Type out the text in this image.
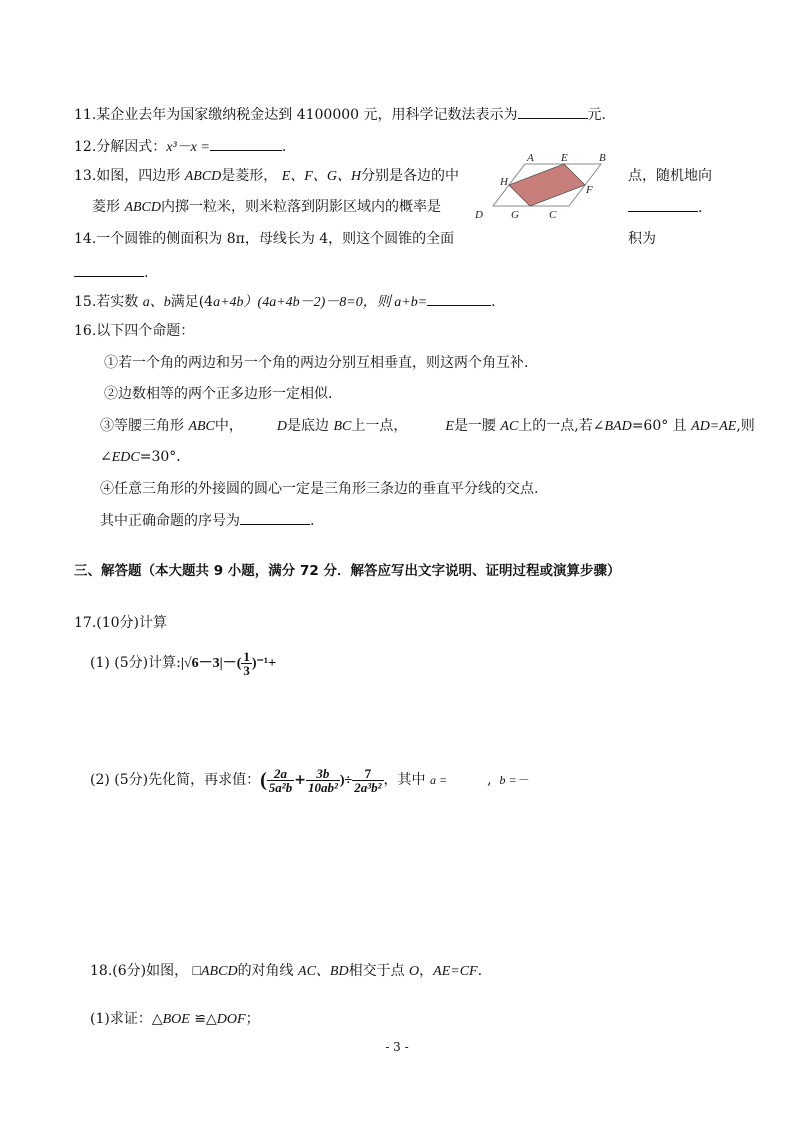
11.某企业去年为国家缴纳税金达到 4100000 元，用科学记数法表示为	元.
12.分解因式：x³－x =	.
13.如图，四边形 ABCD是菱形， E、F、G、H分别是各边的中	点，随机地向
菱形 ABCD内掷一粒米，则米粒落到阴影区域内的概率是	.
A E	B
H
F
D	G	C
14.一个圆锥的侧面积为 8π，母线长为 4，则这个圆锥的全面	积为
.
15.若实数 a、b满足(4a+4b）(4a+4b－2)－8=0，则 a+b=	.
16.以下四个命题：
①若一个角的两边和另一个角的两边分别互相垂直，则这两个角互补.
②边数相等的两个正多边形一定相似.
③等腰三角形 ABC中， D是底边 BC上一点，	E是一腰 AC上的一点,若∠BAD=60° 且 AD=AE,则
∠EDC=30°．
④任意三角形的外接圆的圆心一定是三角形三条边的垂直平分线的交点.
其中正确命题的序号为	.
三、解答题（本大题共 9 小题，满分 72 分．解答应写出文字说明、证明过程或演算步骤）
17.(10分)计算
(1) (5分)计算:|√6－3|－( $\frac{1}{3} )^{-1}+$
(2) (5分)先化简，再求值：( $\frac{2a}{\text{5a²b}} + \frac{3b}{\text{10ab²}}$ )÷ $\frac{7}{\text{2a³b²}}$ ，其中 a =	, b =－
18.(6分)如图， □ABCD的对角线 AC、BD相交于点 O，AE=CF.
(1)求证：△BOE ≌△DOF；
- 3 -
